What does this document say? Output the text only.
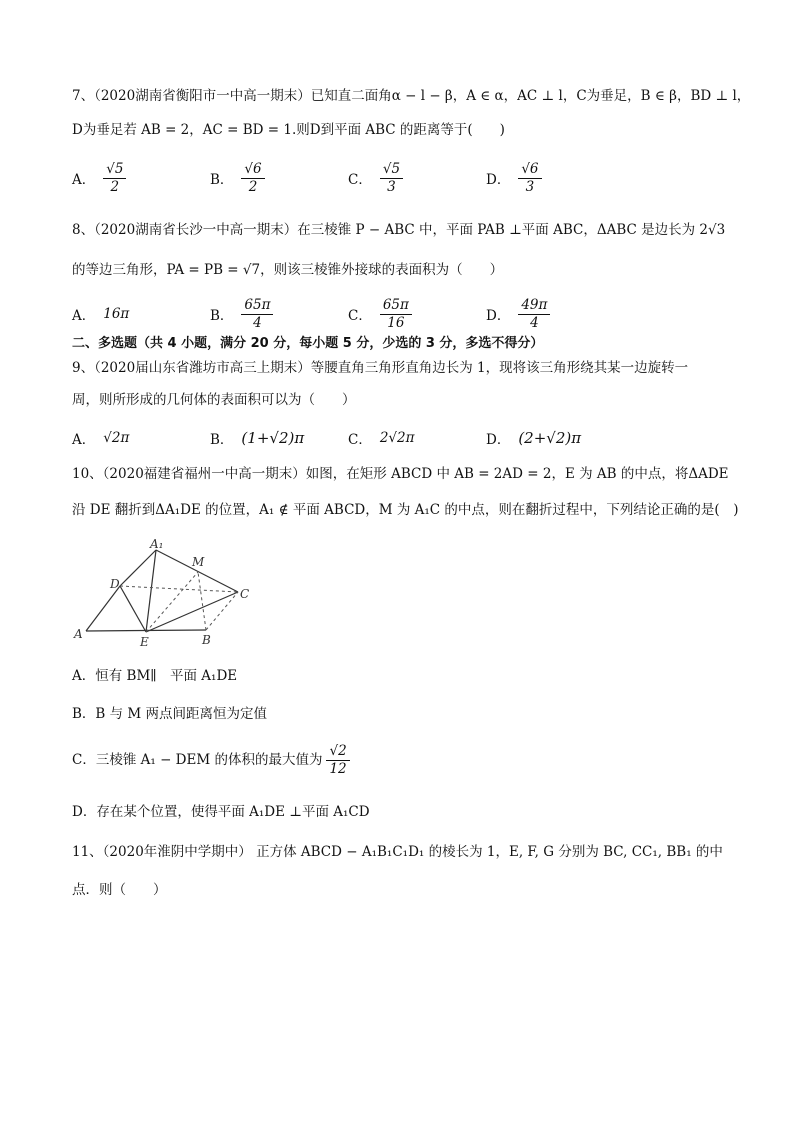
7、（2020湖南省衡阳市一中高一期末）已知直二面角α − l − β，A ∈ α，AC ⊥ l，C为垂足，B ∈ β，BD ⊥ l，
D为垂足若 AB = 2，AC = BD = 1.则D到平面 ABC 的距离等于(　　)
A． $\frac{√5}{2}$	B． $\frac{√6}{2}$	C． $\frac{√5}{3}$	D． $\frac{√6}{3}$
8、（2020湖南省长沙一中高一期末）在三棱锥 P − ABC 中，平面 PAB ⊥平面 ABC，ΔABC 是边长为 2√3
的等边三角形，PA = PB = √7，则该三棱锥外接球的表面积为（　　）
A． 16π	B． $\frac{65\pi}{4}$	C． $\frac{65\pi}{16}$	D． $\frac{49\pi}{4}$
二、多选题（共 4 小题，满分 20 分，每小题 5 分，少选的 3 分，多选不得分）
9、（2020届山东省潍坊市高三上期末）等腰直角三角形直角边长为 1，现将该三角形绕其某一边旋转一
周，则所形成的几何体的表面积可以为（　　）
A． √2π	B． (1+√2)π	C． 2√2π	D． (2+√2)π
10、（2020福建省福州一中高一期末）如图，在矩形 ABCD 中 AB = 2AD = 2，E 为 AB 的中点，将ΔADE
沿 DE 翻折到ΔA₁DE 的位置，A₁ ∉ 平面 ABCD，M 为 A₁C 的中点，则在翻折过程中，下列结论正确的是(　)
A₁
M
D
C
A
E	B
A．恒有 BM∥　平面 A₁DE
B．B 与 M 两点间距离恒为定值
C．三棱锥 A₁ − DEM 的体积的最大值为 $\frac{√2}{12}$
D．存在某个位置，使得平面 A₁DE ⊥平面 A₁CD
11、（2020年淮阴中学期中） 正方体 ABCD − A₁B₁C₁D₁ 的棱长为 1，E, F, G 分别为 BC, CC₁, BB₁ 的中
点．则（　　）
